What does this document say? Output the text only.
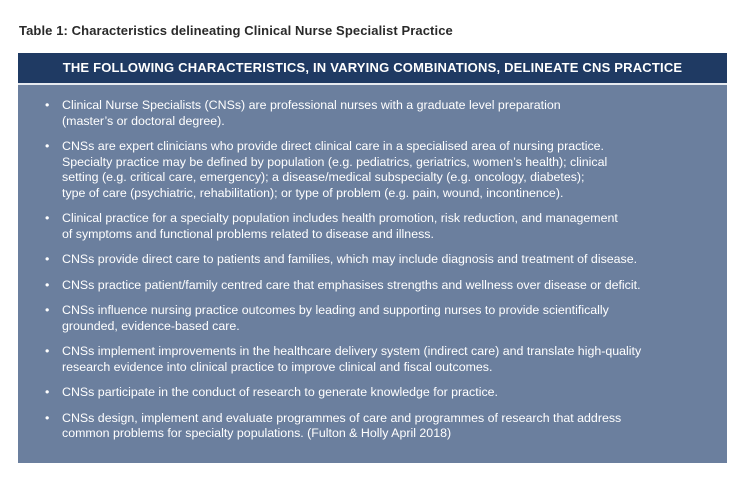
Table 1: Characteristics delineating Clinical Nurse Specialist Practice
THE FOLLOWING CHARACTERISTICS, IN VARYING COMBINATIONS, DELINEATE CNS PRACTICE
• Clinical Nurse Specialists (CNSs) are professional nurses with a graduate level preparation
(master’s or doctoral degree).
• CNSs are expert clinicians who provide direct clinical care in a specialised area of nursing practice.
Specialty practice may be defined by population (e.g. pediatrics, geriatrics, women’s health); clinical
setting (e.g. critical care, emergency); a disease/medical subspecialty (e.g. oncology, diabetes);
type of care (psychiatric, rehabilitation); or type of problem (e.g. pain, wound, incontinence).
• Clinical practice for a specialty population includes health promotion, risk reduction, and management
of symptoms and functional problems related to disease and illness.
• CNSs provide direct care to patients and families, which may include diagnosis and treatment of disease.
• CNSs practice patient/family centred care that emphasises strengths and wellness over disease or deficit.
• CNSs influence nursing practice outcomes by leading and supporting nurses to provide scientifically
grounded, evidence-based care.
• CNSs implement improvements in the healthcare delivery system (indirect care) and translate high-quality
research evidence into clinical practice to improve clinical and fiscal outcomes.
• CNSs participate in the conduct of research to generate knowledge for practice.
• CNSs design, implement and evaluate programmes of care and programmes of research that address
common problems for specialty populations. (Fulton & Holly April 2018)
